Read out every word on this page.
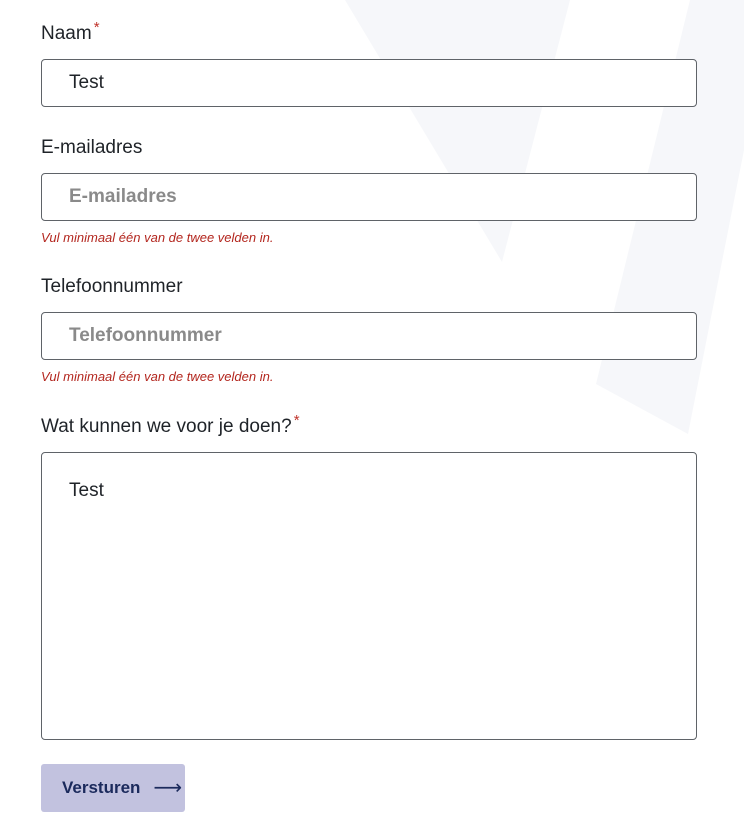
Naam *
Test
E-mailadres
E-mailadres
Vul minimaal één van de twee velden in.
Telefoonnummer
Telefoonnummer
Vul minimaal één van de twee velden in.
Wat kunnen we voor je doen? *
Test
Versturen ⟶
